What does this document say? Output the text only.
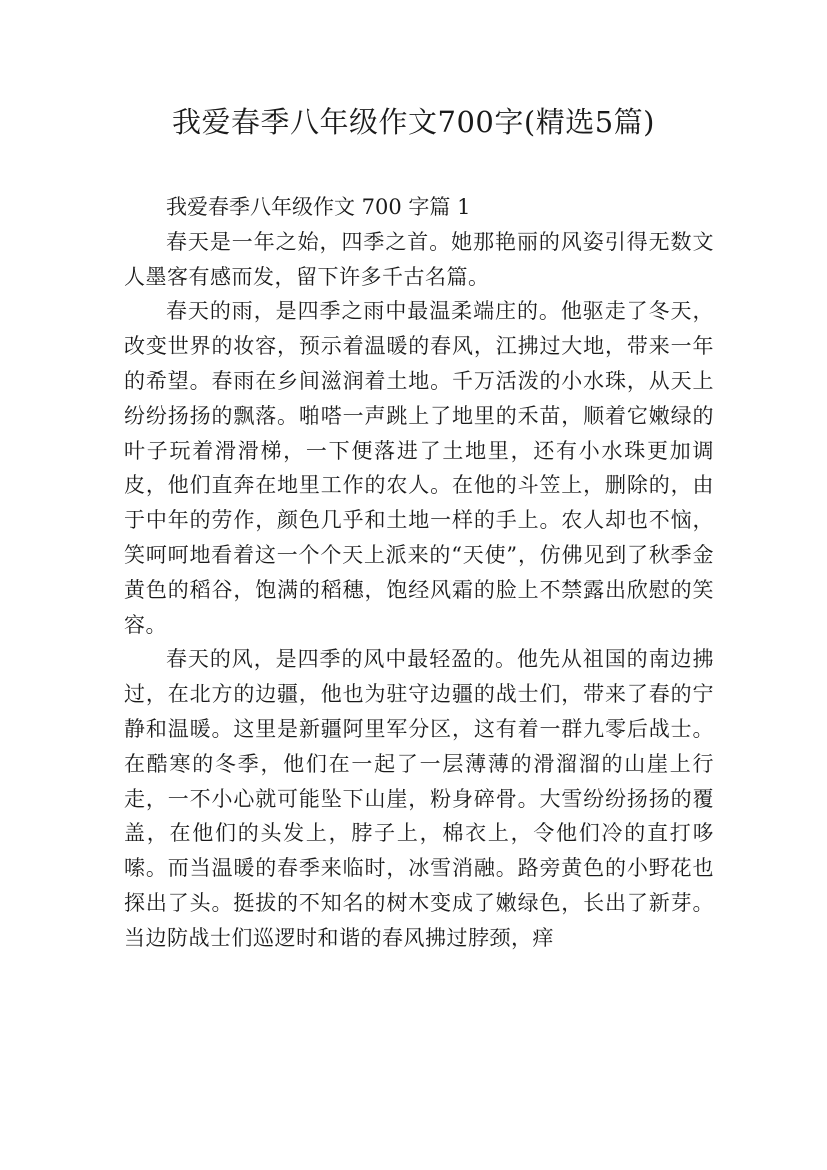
我爱春季八年级作文700字(精选5篇)

我爱春季八年级作文 700 字篇 1

春天是一年之始，四季之首。她那艳丽的风姿引得无数文人墨客有感而发，留下许多千古名篇。

春天的雨，是四季之雨中最温柔端庄的。他驱走了冬天，改变世界的妆容，预示着温暖的春风，江拂过大地，带来一年的希望。春雨在乡间滋润着土地。千万活泼的小水珠，从天上纷纷扬扬的飘落。啪嗒一声跳上了地里的禾苗，顺着它嫩绿的叶子玩着滑滑梯，一下便落进了土地里，还有小水珠更加调皮，他们直奔在地里工作的农人。在他的斗笠上，删除的，由于中年的劳作，颜色几乎和土地一样的手上。农人却也不恼，笑呵呵地看着这一个个天上派来的“天使”，仿佛见到了秋季金黄色的稻谷，饱满的稻穗，饱经风霜的脸上不禁露出欣慰的笑容。

春天的风，是四季的风中最轻盈的。他先从祖国的南边拂过，在北方的边疆，他也为驻守边疆的战士们，带来了春的宁静和温暖。这里是新疆阿里军分区，这有着一群九零后战士。在酷寒的冬季，他们在一起了一层薄薄的滑溜溜的山崖上行走，一不小心就可能坠下山崖，粉身碎骨。大雪纷纷扬扬的覆盖，在他们的头发上，脖子上，棉衣上，令他们冷的直打哆嗦。而当温暖的春季来临时，冰雪消融。路旁黄色的小野花也探出了头。挺拔的不知名的树木变成了嫩绿色，长出了新芽。当边防战士们巡逻时和谐的春风拂过脖颈，痒
